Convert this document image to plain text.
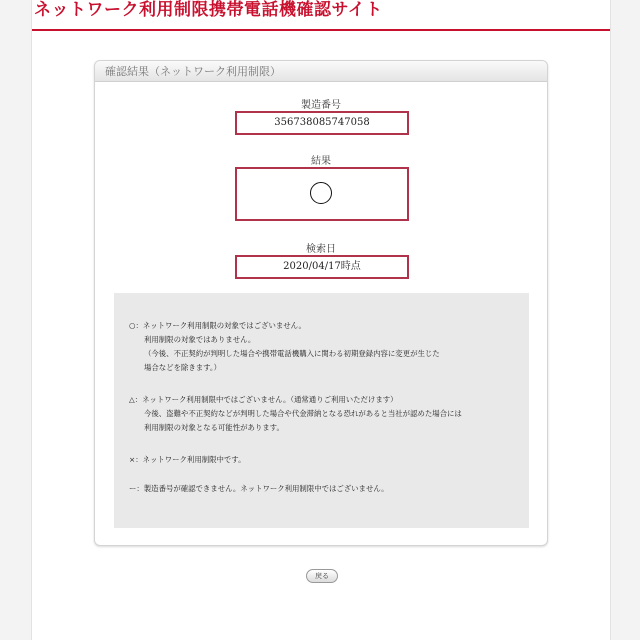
ネットワーク利用制限携帯電話機確認サイト
確認結果（ネットワーク利用制限）
製造番号
356738085747058
結果
検索日
2020/04/17時点
○：ネットワーク利用制限の対象ではございません。
利用制限の対象ではありません。
（今後、不正契約が判明した場合や携帯電話機購入に関わる初期登録内容に変更が生じた
場合などを除きます。）
△：ネットワーク利用制限中ではございません。（通常通りご利用いただけます）
今後、盗難や不正契約などが判明した場合や代金滞納となる恐れがあると当社が認めた場合には
利用制限の対象となる可能性があります。
×：ネットワーク利用制限中です。
ー：製造番号が確認できません。ネットワーク利用制限中ではございません。
戻る
